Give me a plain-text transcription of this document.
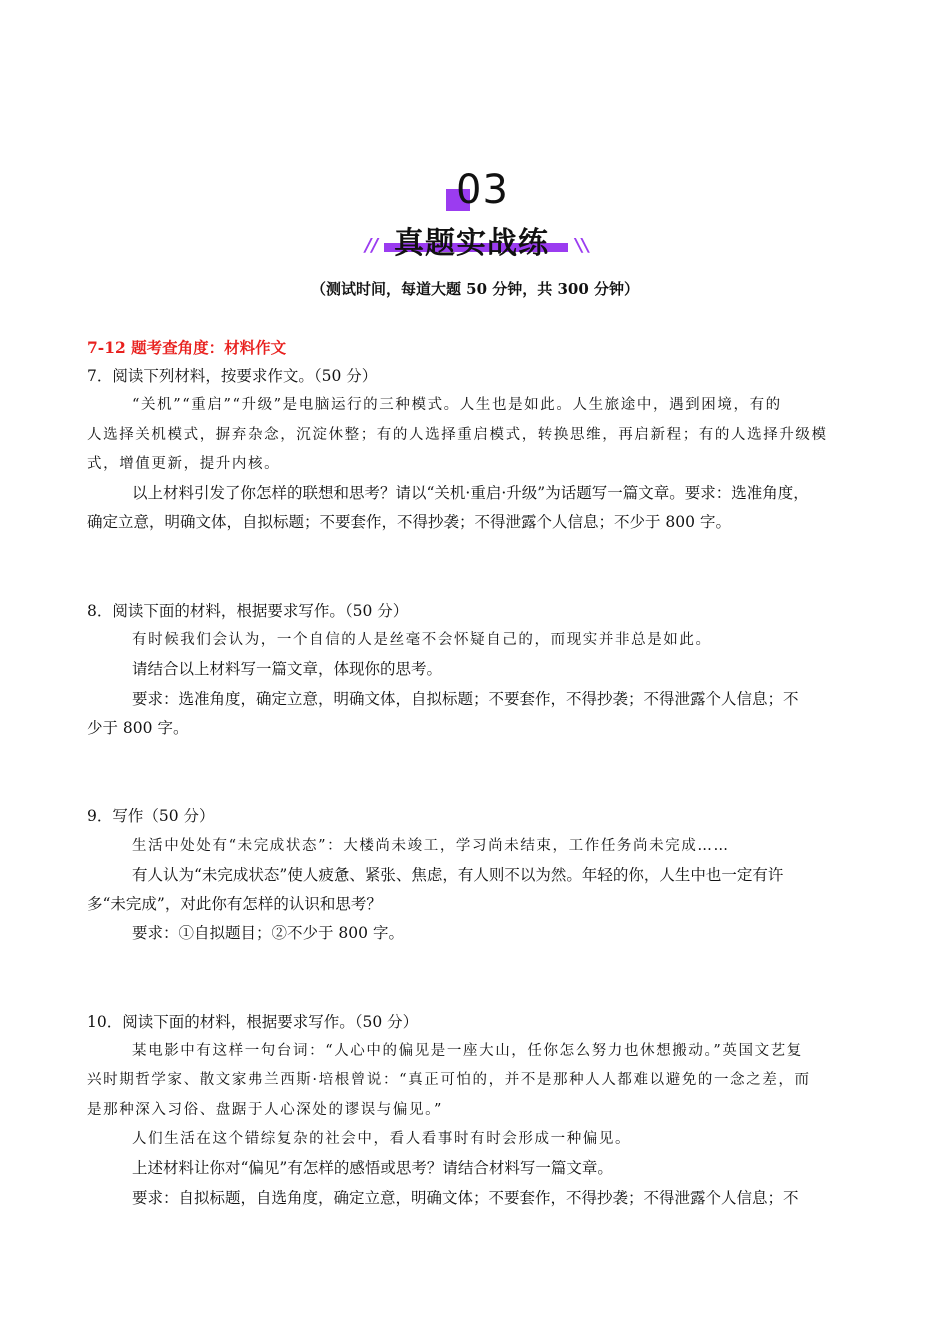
03
真题实战练
//	//
（测试时间，每道大题 50 分钟，共 300 分钟）
7-12 题考查角度：材料作文
7．阅读下列材料，按要求作文。（50 分）
“关机”“重启”“升级”是电脑运行的三种模式。人生也是如此。人生旅途中，遇到困境，有的
人选择关机模式，摒弃杂念，沉淀休整；有的人选择重启模式，转换思维，再启新程；有的人选择升级模
式，增值更新，提升内核。
以上材料引发了你怎样的联想和思考？请以“关机·重启·升级”为话题写一篇文章。要求：选准角度，
确定立意，明确文体，自拟标题；不要套作，不得抄袭；不得泄露个人信息；不少于 800 字。
8．阅读下面的材料，根据要求写作。（50 分）
有时候我们会认为，一个自信的人是丝毫不会怀疑自己的，而现实并非总是如此。
请结合以上材料写一篇文章，体现你的思考。
要求：选准角度，确定立意，明确文体，自拟标题；不要套作，不得抄袭；不得泄露个人信息；不
少于 800 字。
9．写作（50 分）
生活中处处有“未完成状态”：大楼尚未竣工，学习尚未结束，工作任务尚未完成……
有人认为“未完成状态”使人疲惫、紧张、焦虑，有人则不以为然。年轻的你，人生中也一定有许
多“未完成”，对此你有怎样的认识和思考？
要求：①自拟题目；②不少于 800 字。
10．阅读下面的材料，根据要求写作。（50 分）
某电影中有这样一句台词：“人心中的偏见是一座大山，任你怎么努力也休想搬动。”英国文艺复
兴时期哲学家、散文家弗兰西斯·培根曾说：“真正可怕的，并不是那种人人都难以避免的一念之差，而
是那种深入习俗、盘踞于人心深处的谬误与偏见。”
人们生活在这个错综复杂的社会中，看人看事时有时会形成一种偏见。
上述材料让你对“偏见”有怎样的感悟或思考？请结合材料写一篇文章。
要求：自拟标题，自选角度，确定立意，明确文体；不要套作，不得抄袭；不得泄露个人信息；不
